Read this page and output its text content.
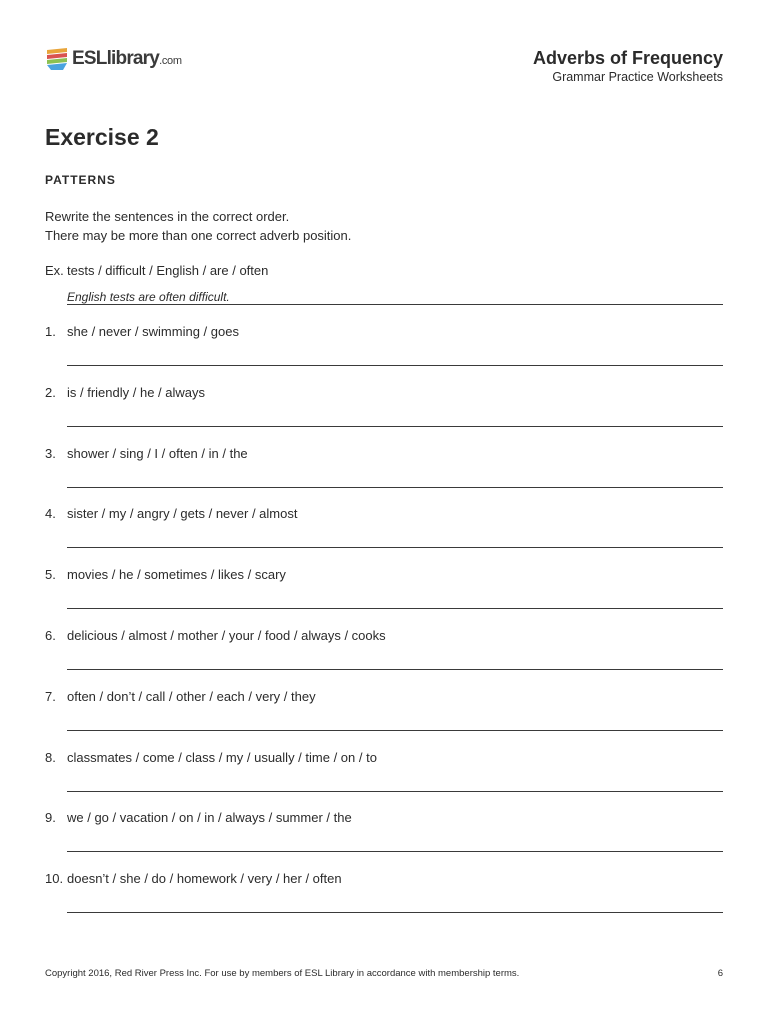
ESLlibrary.com	Adverbs of Frequency
Grammar Practice Worksheets
Exercise 2
PATTERNS
Rewrite the sentences in the correct order.
There may be more than one correct adverb position.
Ex. tests / difficult / English / are / often
English tests are often difficult.
1. she / never / swimming / goes
2. is / friendly / he / always
3. shower / sing / I / often / in / the
4. sister / my / angry / gets / never / almost
5. movies / he / sometimes / likes / scary
6. delicious / almost / mother / your / food / always / cooks
7. often / don’t / call / other / each / very / they
8. classmates / come / class / my / usually / time / on / to
9. we / go / vacation / on / in / always / summer / the
10. doesn’t / she / do / homework / very / her / often
Copyright 2016, Red River Press Inc. For use by members of ESL Library in accordance with membership terms.	6
